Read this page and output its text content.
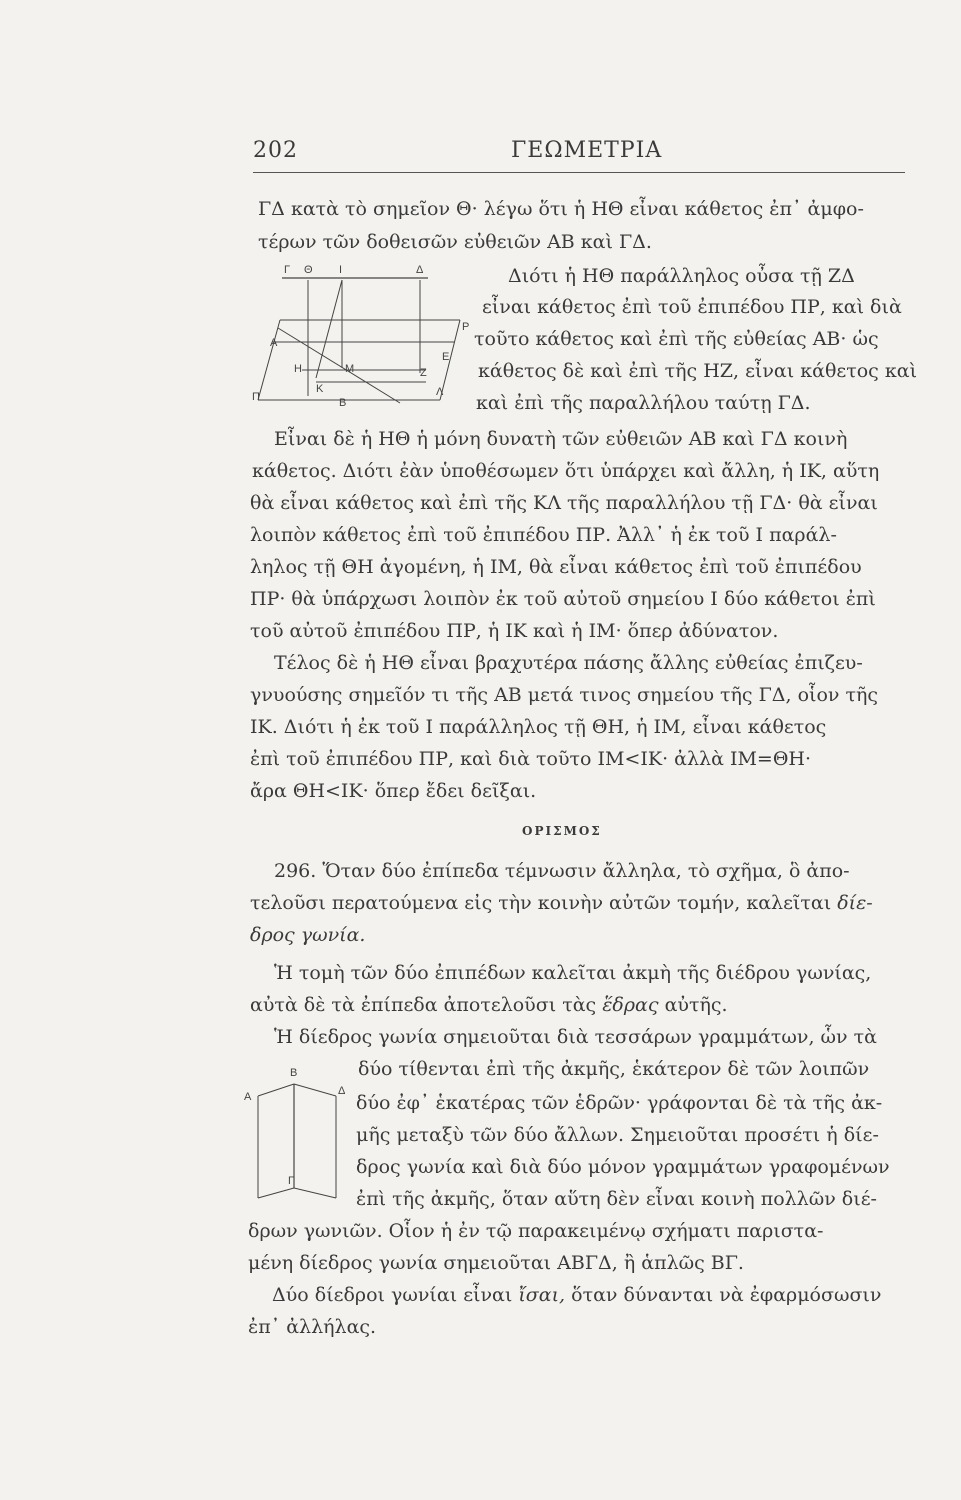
202	ΓΕΩΜΕΤΡΙΑ
ΓΔ κατὰ τὸ σημεῖον Θ· λέγω ὅτι ἡ ΗΘ εἶναι κάθετος ἐπ᾽ ἀμφο-
τέρων τῶν δοθεισῶν εὐθειῶν ΑΒ καὶ ΓΔ.
Γ Θ Ι	Δ
Α
Ρ
Ε
Η	Μ	Ζ
Π
Κ	Λ
Β
Διότι ἡ ΗΘ παράλληλος οὖσα τῇ ΖΔ
εἶναι κάθετος ἐπὶ τοῦ ἐπιπέδου ΠΡ, καὶ διὰ
τοῦτο κάθετος καὶ ἐπὶ τῆς εὐθείας ΑΒ· ὡς
κάθετος δὲ καὶ ἐπὶ τῆς ΗΖ, εἶναι κάθετος καὶ
καὶ ἐπὶ τῆς παραλλήλου ταύτῃ ΓΔ.
Εἶναι δὲ ἡ ΗΘ ἡ μόνη δυνατὴ τῶν εὐθειῶν ΑΒ καὶ ΓΔ κοινὴ
κάθετος. Διότι ἐὰν ὑποθέσωμεν ὅτι ὑπάρχει καὶ ἄλλη, ἡ ΙΚ, αὕτη
θὰ εἶναι κάθετος καὶ ἐπὶ τῆς ΚΛ τῆς παραλλήλου τῇ ΓΔ· θὰ εἶναι
λοιπὸν κάθετος ἐπὶ τοῦ ἐπιπέδου ΠΡ. Ἀλλ᾽ ἡ ἐκ τοῦ Ι παράλ-
ληλος τῇ ΘΗ ἀγομένη, ἡ ΙΜ, θὰ εἶναι κάθετος ἐπὶ τοῦ ἐπιπέδου
ΠΡ· θὰ ὑπάρχωσι λοιπὸν ἐκ τοῦ αὐτοῦ σημείου Ι δύο κάθετοι ἐπὶ
τοῦ αὐτοῦ ἐπιπέδου ΠΡ, ἡ ΙΚ καὶ ἡ ΙΜ· ὅπερ ἀδύνατον.
Τέλος δὲ ἡ ΗΘ εἶναι βραχυτέρα πάσης ἄλλης εὐθείας ἐπιζευ-
γνυούσης σημεῖόν τι τῆς ΑΒ μετά τινος σημείου τῆς ΓΔ, οἷον τῆς
ΙΚ. Διότι ἡ ἐκ τοῦ Ι παράλληλος τῇ ΘΗ, ἡ ΙΜ, εἶναι κάθετος
ἐπὶ τοῦ ἐπιπέδου ΠΡ, καὶ διὰ τοῦτο ΙΜ<ΙΚ· ἀλλὰ ΙΜ=ΘΗ·
ἄρα ΘΗ<ΙΚ· ὅπερ ἔδει δεῖξαι.
ΟΡΙΣΜΟΣ
296. Ὅταν δύο ἐπίπεδα τέμνωσιν ἄλληλα, τὸ σχῆμα, ὃ ἀπο-
τελοῦσι περατούμενα εἰς τὴν κοινὴν αὐτῶν τομήν, καλεῖται δίε-
δρος γωνία.
Ἡ τομὴ τῶν δύο ἐπιπέδων καλεῖται ἀκμὴ τῆς διέδρου γωνίας,
αὐτὰ δὲ τὰ ἐπίπεδα ἀποτελοῦσι τὰς ἕδρας αὐτῆς.
Ἡ δίεδρος γωνία σημειοῦται διὰ τεσσάρων γραμμάτων, ὧν τὰ
Β
Α	Δ
Γ
δύο τίθενται ἐπὶ τῆς ἀκμῆς, ἑκάτερον δὲ τῶν λοιπῶν
δύο ἐφ᾽ ἑκατέρας τῶν ἑδρῶν· γράφονται δὲ τὰ τῆς ἀκ-
μῆς μεταξὺ τῶν δύο ἄλλων. Σημειοῦται προσέτι ἡ δίε-
δρος γωνία καὶ διὰ δύο μόνον γραμμάτων γραφομένων
ἐπὶ τῆς ἀκμῆς, ὅταν αὕτη δὲν εἶναι κοινὴ πολλῶν διέ-
δρων γωνιῶν. Οἷον ἡ ἐν τῷ παρακειμένῳ σχήματι παριστα-
μένη δίεδρος γωνία σημειοῦται ΑΒΓΔ, ἢ ἁπλῶς ΒΓ.
Δύο δίεδροι γωνίαι εἶναι ἴσαι, ὅταν δύνανται νὰ ἐφαρμόσωσιν
ἐπ᾽ ἀλλήλας.
